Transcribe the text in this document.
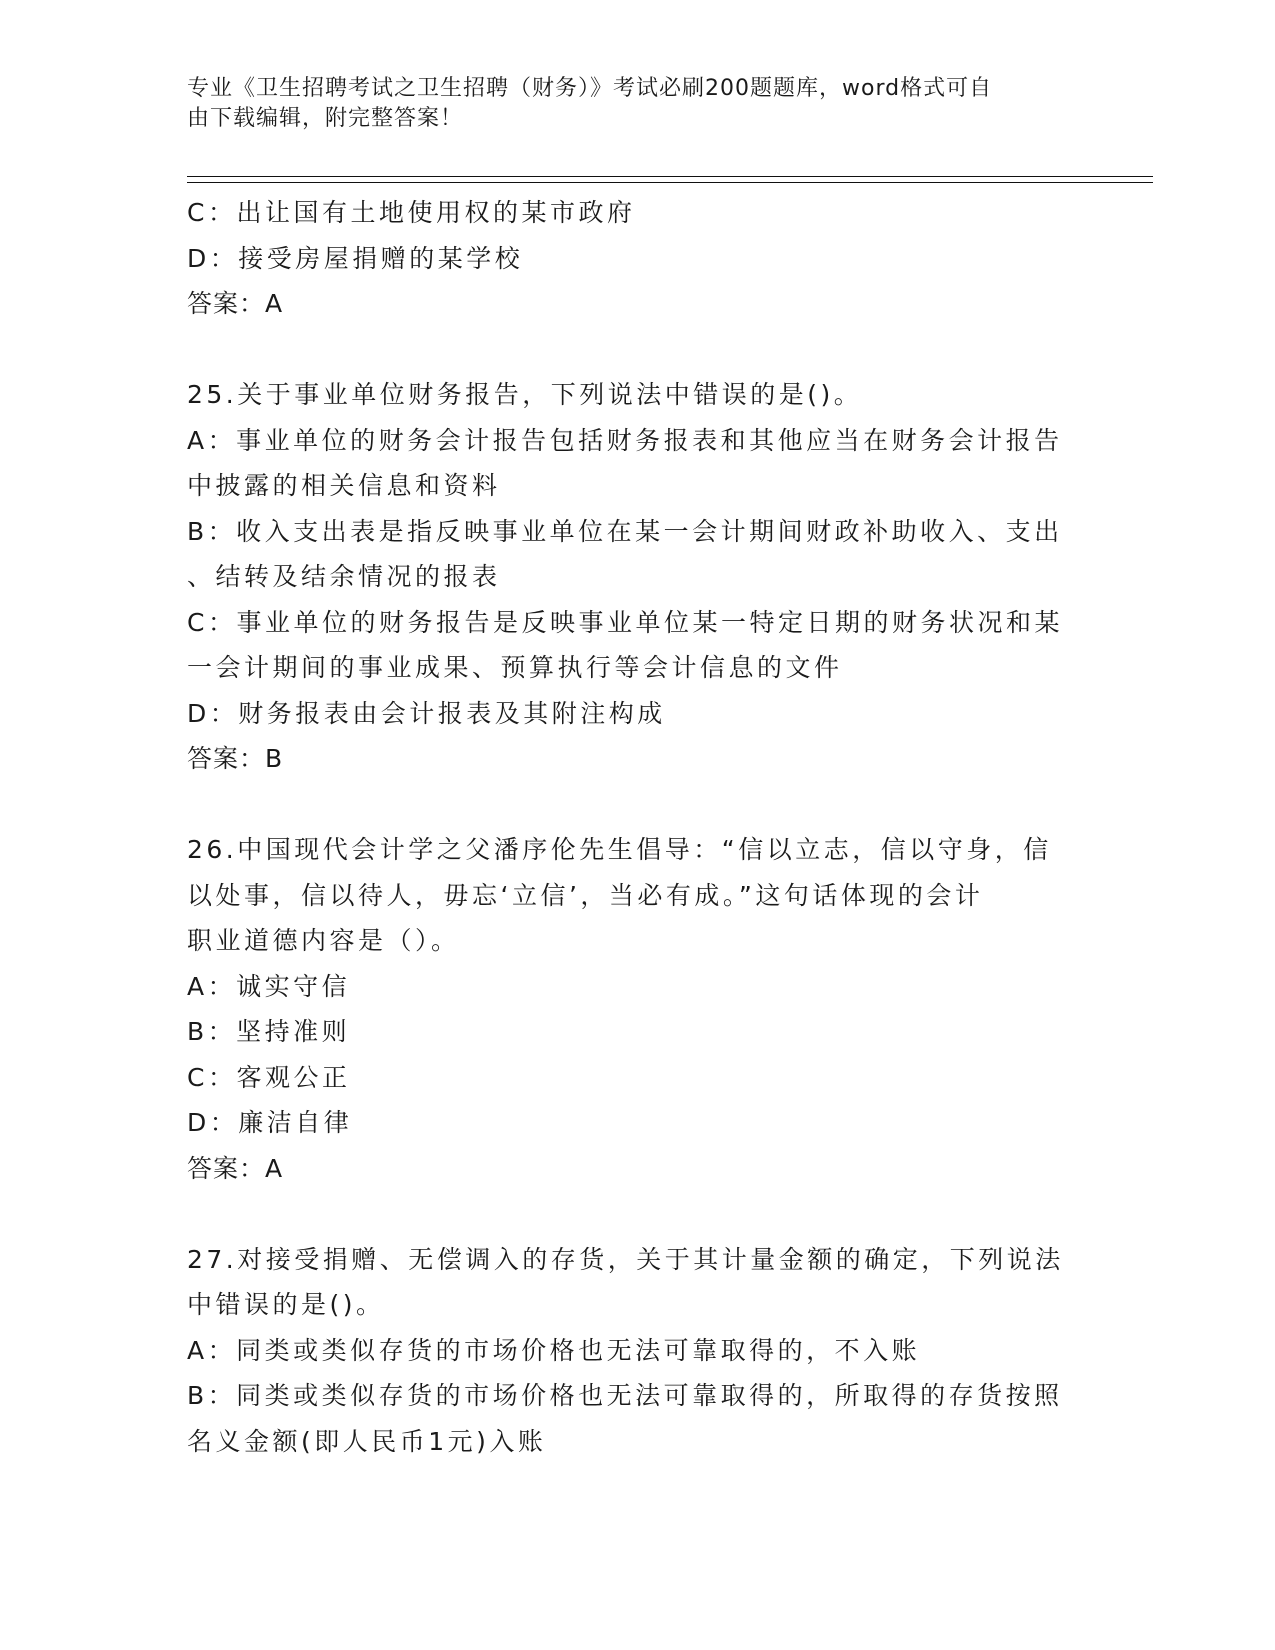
专业《卫生招聘考试之卫生招聘（财务）》考试必刷200题题库，word格式可自
由下载编辑，附完整答案！
C：出让国有土地使用权的某市政府
D：接受房屋捐赠的某学校
答案：A
25.关于事业单位财务报告，下列说法中错误的是()。
A：事业单位的财务会计报告包括财务报表和其他应当在财务会计报告
中披露的相关信息和资料
B：收入支出表是指反映事业单位在某一会计期间财政补助收入、支出
、结转及结余情况的报表
C：事业单位的财务报告是反映事业单位某一特定日期的财务状况和某
一会计期间的事业成果、预算执行等会计信息的文件
D：财务报表由会计报表及其附注构成
答案：B
26.中国现代会计学之父潘序伦先生倡导：“信以立志，信以守身，信
以处事，信以待人，毋忘‘立信’，当必有成。”这句话体现的会计
职业道德内容是（）。
A：诚实守信
B：坚持准则
C：客观公正
D：廉洁自律
答案：A
27.对接受捐赠、无偿调入的存货，关于其计量金额的确定，下列说法
中错误的是()。
A：同类或类似存货的市场价格也无法可靠取得的，不入账
B：同类或类似存货的市场价格也无法可靠取得的，所取得的存货按照
名义金额(即人民币1元)入账
